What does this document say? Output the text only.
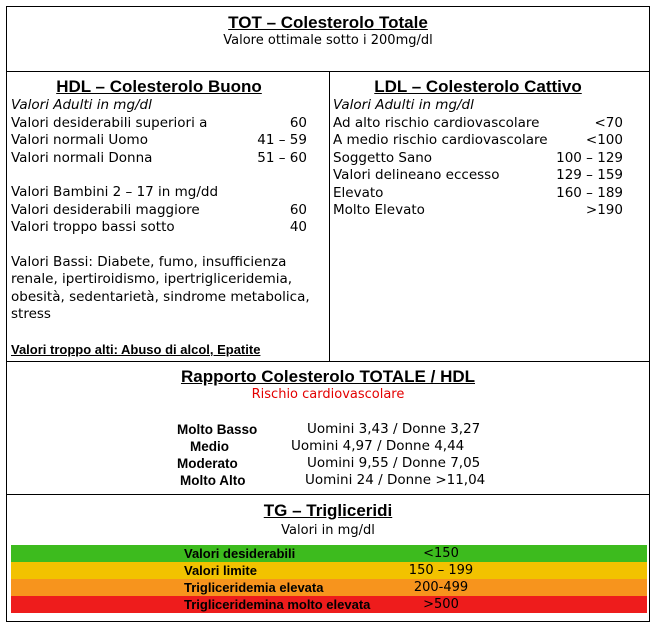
TOT – Colesterolo Totale
Valore ottimale sotto i 200mg/dl
HDL – Colesterolo Buono
Valori Adulti in mg/dl
Valori desiderabili superiori a	60
Valori normali Uomo	41 – 59
Valori normali Donna	51 – 60
Valori Bambini 2 – 17 in mg/dd
Valori desiderabili maggiore	60
Valori troppo bassi sotto	40
Valori Bassi: Diabete, fumo, insufficienza
renale, ipertiroidismo, ipertrigliceridemia,
obesità, sedentarietà, sindrome metabolica,
stress
Valori troppo alti: Abuso di alcol, Epatite
LDL – Colesterolo Cattivo
Valori Adulti in mg/dl
Ad alto rischio cardiovascolare	<70
A medio rischio cardiovascolare	<100
Soggetto Sano	100 – 129
Valori delineano eccesso	129 – 159
Elevato	160 – 189
Molto Elevato	>190
Rapporto Colesterolo TOTALE / HDL
Rischio cardiovascolare
Molto Basso	Uomini 3,43 / Donne 3,27
Medio	Uomini 4,97 / Donne 4,44
Moderato	Uomini 9,55 / Donne 7,05
Molto Alto	Uomini 24 / Donne >11,04
TG – Trigliceridi
Valori in mg/dl
Valori desiderabili	<150
Valori limite	150 – 199
Trigliceridemia elevata	200-499
Trigliceridemina molto elevata	>500
